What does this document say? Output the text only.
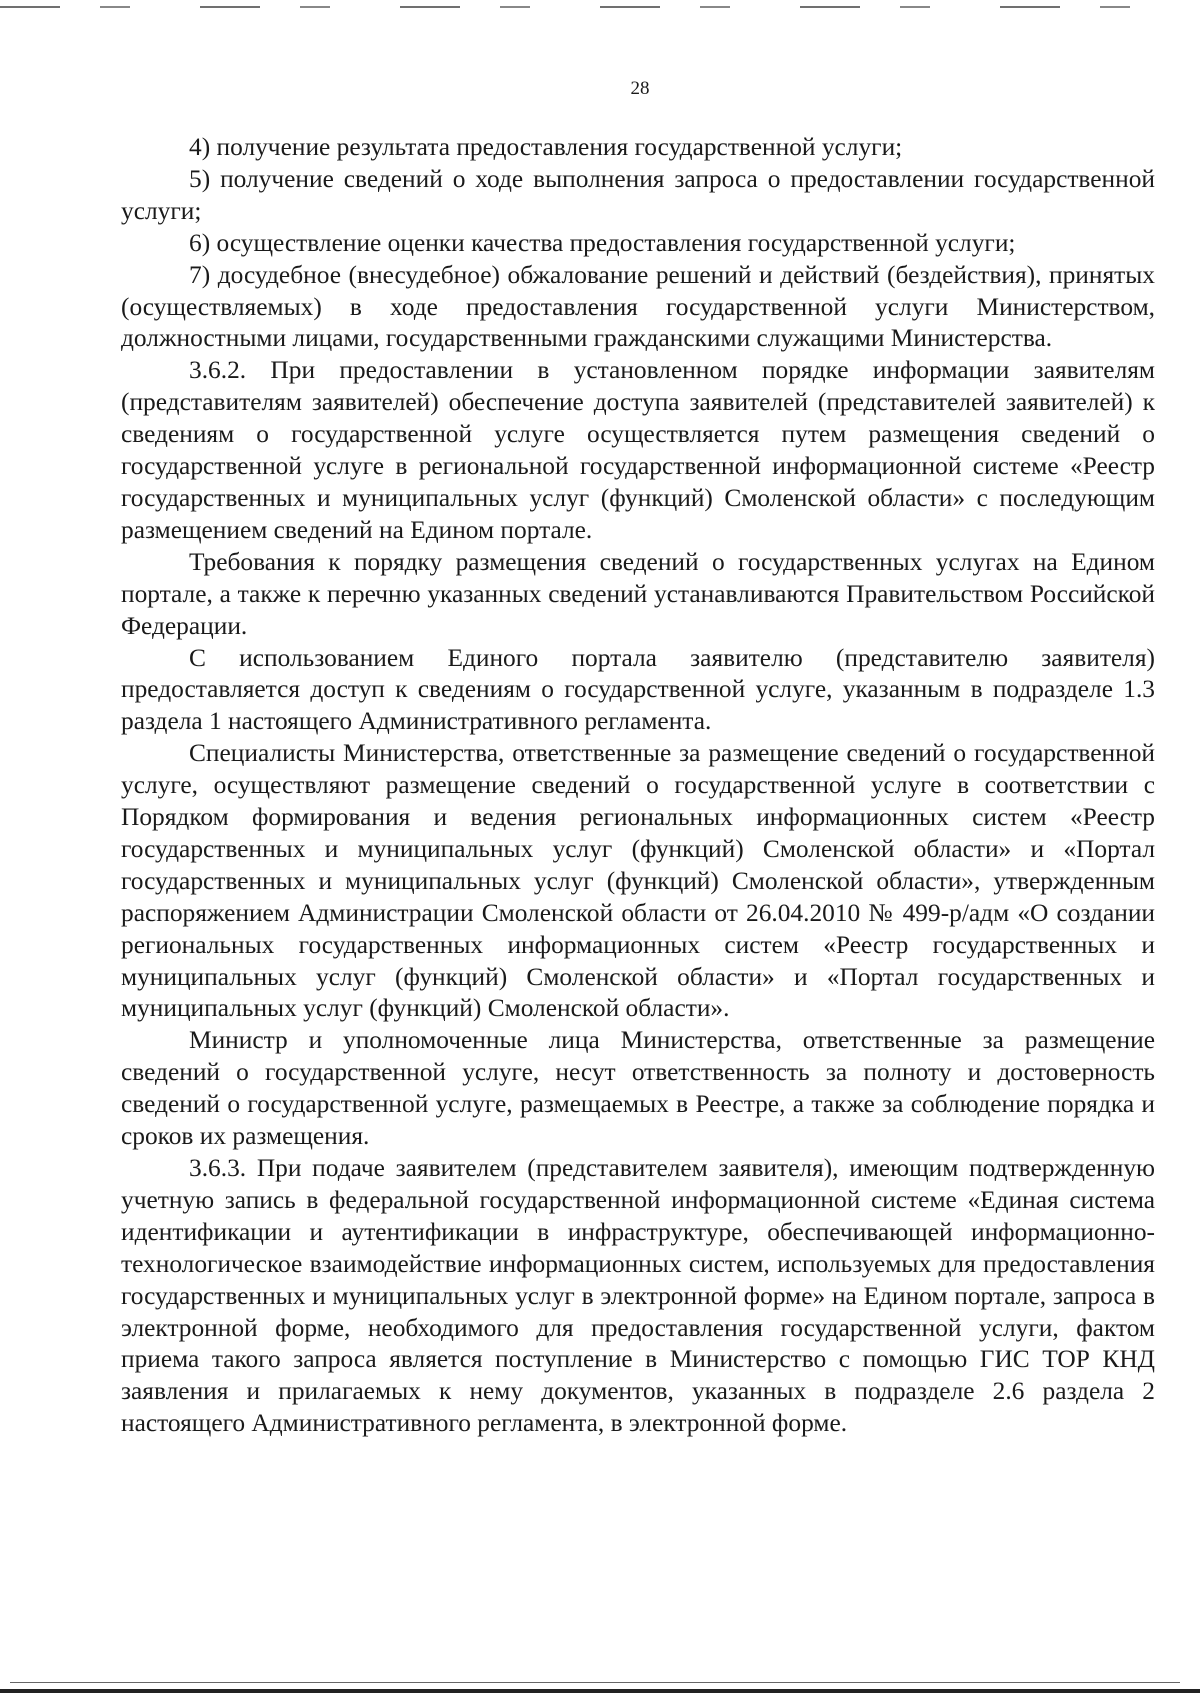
28

4) получение результата предоставления государственной услуги;

5) получение сведений о ходе выполнения запроса о предоставлении государственной услуги;

6) осуществление оценки качества предоставления государственной услуги;

7) досудебное (внесудебное) обжалование решений и действий (бездействия), принятых (осуществляемых) в ходе предоставления государственной услуги Министерством, должностными лицами, государственными гражданскими служащими Министерства.

3.6.2. При предоставлении в установленном порядке информации заявителям (представителям заявителей) обеспечение доступа заявителей (представителей заявителей) к сведениям о государственной услуге осуществляется путем размещения сведений о государственной услуге в региональной государственной информационной системе «Реестр государственных и муниципальных услуг (функций) Смоленской области» с последующим размещением сведений на Едином портале.

Требования к порядку размещения сведений о государственных услугах на Едином портале, а также к перечню указанных сведений устанавливаются Правительством Российской Федерации.

С использованием Единого портала заявителю (представителю заявителя) предоставляется доступ к сведениям о государственной услуге, указанным в подразделе 1.3 раздела 1 настоящего Административного регламента.

Специалисты Министерства, ответственные за размещение сведений о государственной услуге, осуществляют размещение сведений о государственной услуге в соответствии с Порядком формирования и ведения региональных информационных систем «Реестр государственных и муниципальных услуг (функций) Смоленской области» и «Портал государственных и муниципальных услуг (функций) Смоленской области», утвержденным распоряжением Администрации Смоленской области от 26.04.2010 № 499-р/адм «О создании региональных государственных информационных систем «Реестр государственных и муниципальных услуг (функций) Смоленской области» и «Портал государственных и муниципальных услуг (функций) Смоленской области».

Министр и уполномоченные лица Министерства, ответственные за размещение сведений о государственной услуге, несут ответственность за полноту и достоверность сведений о государственной услуге, размещаемых в Реестре, а также за соблюдение порядка и сроков их размещения.

3.6.3. При подаче заявителем (представителем заявителя), имеющим подтвержденную учетную запись в федеральной государственной информационной системе «Единая система идентификации и аутентификации в инфраструктуре, обеспечивающей информационно-технологическое взаимодействие информационных систем, используемых для предоставления государственных и муниципальных услуг в электронной форме» на Едином портале, запроса в электронной форме, необходимого для предоставления государственной услуги, фактом приема такого запроса является поступление в Министерство с помощью ГИС ТОР КНД заявления и прилагаемых к нему документов, указанных в подразделе 2.6 раздела 2 настоящего Административного регламента, в электронной форме.
